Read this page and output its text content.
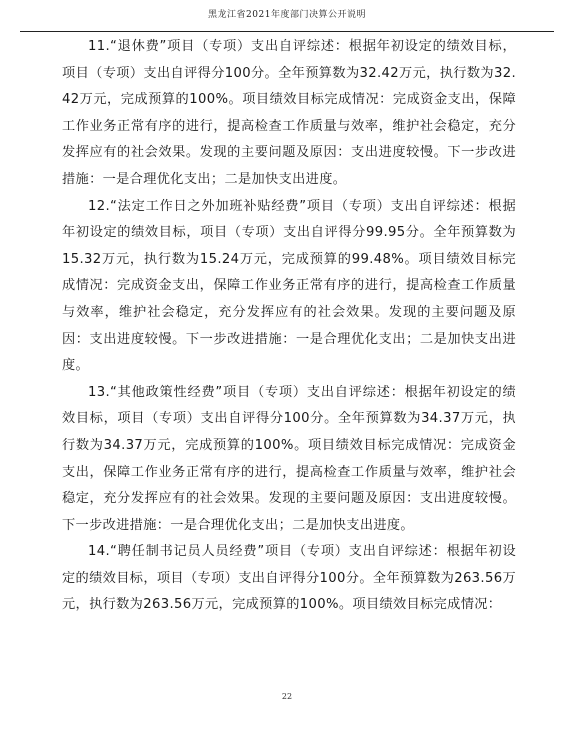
黑龙江省2021年度部门决算公开说明

11.“退休费”项目（专项）支出自评综述：根据年初设定的绩效目标，项目（专项）支出自评得分100分。全年预算数为32.42万元，执行数为32.42万元，完成预算的100%。项目绩效目标完成情况：完成资金支出，保障工作业务正常有序的进行，提高检查工作质量与效率，维护社会稳定，充分发挥应有的社会效果。发现的主要问题及原因：支出进度较慢。下一步改进措施：一是合理优化支出；二是加快支出进度。

12.“法定工作日之外加班补贴经费”项目（专项）支出自评综述：根据年初设定的绩效目标，项目（专项）支出自评得分99.95分。全年预算数为15.32万元，执行数为15.24万元，完成预算的99.48%。项目绩效目标完成情况：完成资金支出，保障工作业务正常有序的进行，提高检查工作质量与效率，维护社会稳定，充分发挥应有的社会效果。发现的主要问题及原因：支出进度较慢。下一步改进措施：一是合理优化支出；二是加快支出进度。

13.“其他政策性经费”项目（专项）支出自评综述：根据年初设定的绩效目标，项目（专项）支出自评得分100分。全年预算数为34.37万元，执行数为34.37万元，完成预算的100%。项目绩效目标完成情况：完成资金支出，保障工作业务正常有序的进行，提高检查工作质量与效率，维护社会稳定，充分发挥应有的社会效果。发现的主要问题及原因：支出进度较慢。下一步改进措施：一是合理优化支出；二是加快支出进度。

14.“聘任制书记员人员经费”项目（专项）支出自评综述：根据年初设定的绩效目标，项目（专项）支出自评得分100分。全年预算数为263.56万元，执行数为263.56万元，完成预算的100%。项目绩效目标完成情况：

22
